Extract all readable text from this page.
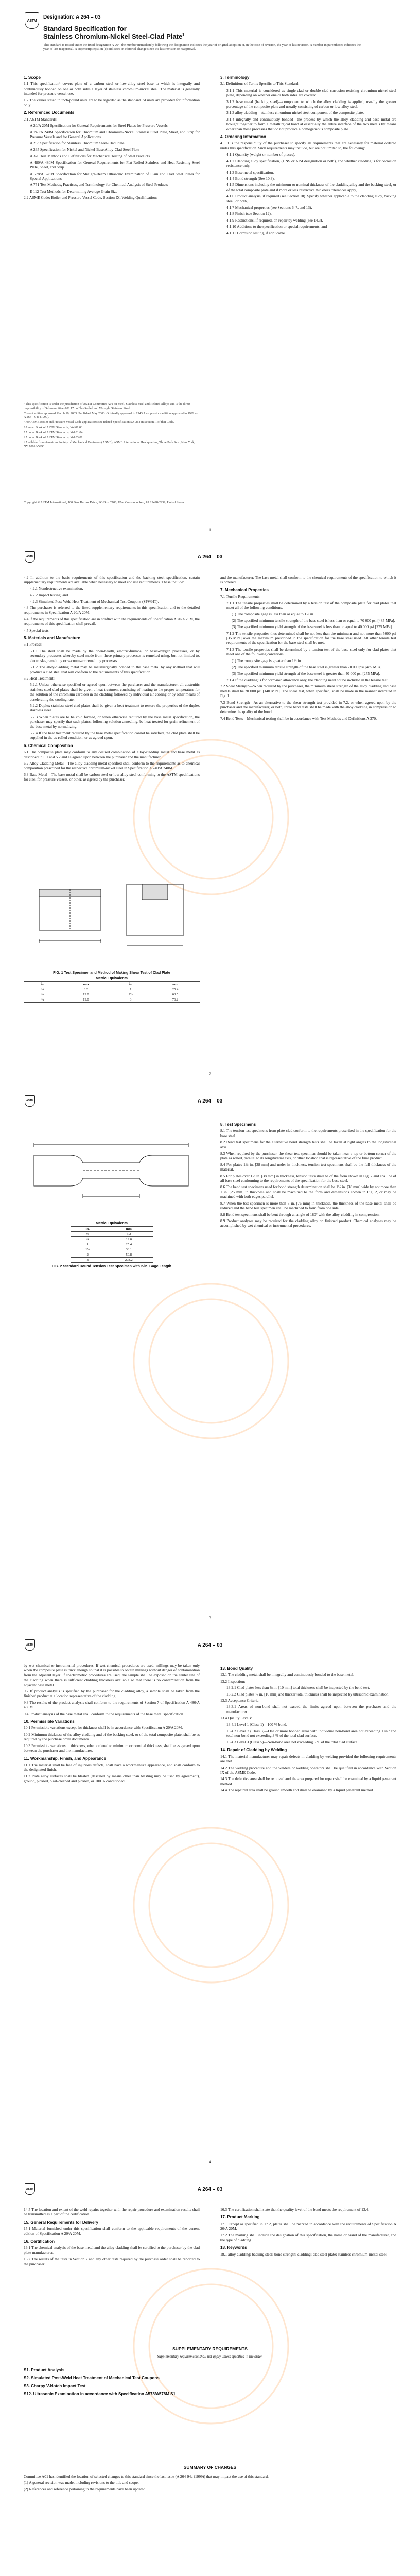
ASTM
Designation: A 264 – 03
Standard Specification for
Stainless Chromium-Nickel Steel-Clad Plate$^1$

This standard is issued under the fixed designation A 264; the number immediately following the designation indicates the year of original adoption or, in the case of revision, the year of last revision. A number in parentheses indicates the year of last reapproval. A superscript epsilon (ε) indicates an editorial change since the last revision or reapproval.

1. Scope

1.1 This specification¹ covers plate of a carbon steel or low-alloy steel base to which is integrally and continuously bonded on one or both sides a layer of stainless chromium-nickel steel. The material is generally intended for pressure vessel use.

1.2 The values stated in inch-pound units are to be regarded as the standard. SI units are provided for information only.

2. Referenced Documents

2.1 ASTM Standards:

A 20/A 20M Specification for General Requirements for Steel Plates for Pressure Vessels

A 240/A 240M Specification for Chromium and Chromium-Nickel Stainless Steel Plate, Sheet, and Strip for Pressure Vessels and for General Applications

A 263 Specification for Stainless Chromium Steel-Clad Plate

A 265 Specification for Nickel and Nickel-Base Alloy-Clad Steel Plate

A 370 Test Methods and Definitions for Mechanical Testing of Steel Products

A 480/A 480M Specification for General Requirements for Flat-Rolled Stainless and Heat-Resisting Steel Plate, Sheet, and Strip

A 578/A 578M Specification for Straight-Beam Ultrasonic Examination of Plain and Clad Steel Plates for Special Applications

A 751 Test Methods, Practices, and Terminology for Chemical Analysis of Steel Products

E 112 Test Methods for Determining Average Grain Size

2.2 ASME Code: Boiler and Pressure Vessel Code, Section IX, Welding Qualifications

3. Terminology

3.1 Definitions of Terms Specific to This Standard:

3.1.1 This material is considered as single-clad or double-clad corrosion-resisting chromium-nickel steel plate, depending on whether one or both sides are covered.

3.1.2 base metal (backing steel)—component to which the alloy cladding is applied, usually the greater percentage of the composite plate and usually consisting of carbon or low-alloy steel.

3.1.3 alloy cladding—stainless chromium-nickel steel component of the composite plate.

3.1.4 integrally and continuously bonded—the process by which the alloy cladding and base metal are brought together to form a metallurgical bond at essentially the entire interface of the two metals by means other than those processes that do not produce a homogeneous composite plate.

4. Ordering Information

4.1 It is the responsibility of the purchaser to specify all requirements that are necessary for material ordered under this specification. Such requirements may include, but are not limited to, the following:

4.1.1 Quantity (weight or number of pieces),

4.1.2 Cladding alloy specification, (UNS or AISI designation or both), and whether cladding is for corrosion resistance only,

4.1.3 Base metal specification,

4.1.4 Bond strength (See 10.3),

4.1.5 Dimensions including the minimum or nominal thickness of the cladding alloy and the backing steel, or of the total composite plate and if more or less restrictive thickness tolerances apply,

4.1.6 Product analysis, if required (see Section 10). Specify whether applicable to the cladding alloy, backing steel, or both,

4.1.7 Mechanical properties (see Sections 6, 7, and 13),

4.1.8 Finish (see Section 12),

4.1.9 Restrictions, if required, on repair by welding (see 14.3),

4.1.10 Additions to the specification or special requirements, and

4.1.11 Corrosion testing, if applicable.

¹ This specification is under the jurisdiction of ASTM Committee A01 on Steel, Stainless Steel and Related Alloys and is the direct responsibility of Subcommittee A01.17 on Flat-Rolled and Wrought Stainless Steel.

Current edition approved March 10, 2003. Published May 2003. Originally approved in 1943. Last previous edition approved in 1999 as A 264 – 94a (1999).

² For ASME Boiler and Pressure Vessel Code applications see related Specification SA-264 in Section II of that Code.

³ Annual Book of ASTM Standards, Vol 01.03.

⁴ Annual Book of ASTM Standards, Vol 01.04.

⁵ Annual Book of ASTM Standards, Vol 03.01.

⁶ Available from American Society of Mechanical Engineers (ASME), ASME International Headquarters, Three Park Ave., New York, NY 10016-5990.

Copyright © ASTM International, 100 Barr Harbor Drive, PO Box C700, West Conshohocken, PA 19428-2959, United States.
1
ASTM	A 264 – 03

4.2 In addition to the basic requirements of this specification and the backing steel specification, certain supplementary requirements are available when necessary to meet end use requirements. These include:

4.2.1 Nondestructive examination,

4.2.2 Impact testing, and

4.2.3 Simulated Post-Weld Heat Treatment of Mechanical Test Coupons (SPWHT).

4.3 The purchaser is referred to the listed supplementary requirements in this specification and to the detailed requirements in Specification A 20/A 20M.

4.4 If the requirements of this specification are in conflict with the requirements of Specification A 20/A 20M, the requirements of this specification shall prevail.

4.5 Special tests:

5. Materials and Manufacture

5.1 Process:

5.1.1 The steel shall be made by the open-hearth, electric-furnace, or basic-oxygen processes, or by secondary processes whereby steel made from these primary processes is remelted using, but not limited to, electroslag remelting or vacuum-arc remelting processes.

5.1.2 The alloy-cladding metal may be metallurgically bonded to the base metal by any method that will produce a clad steel that will conform to the requirements of this specification.

5.2 Heat Treatment:

5.2.1 Unless otherwise specified or agreed upon between the purchaser and the manufacturer, all austenitic stainless steel clad plates shall be given a heat treatment consisting of heating to the proper temperature for the solution of the chromium carbides in the cladding followed by individual air cooling or by other means of accelerating the cooling rate.

5.2.2 Duplex stainless steel clad plates shall be given a heat treatment to restore the properties of the duplex stainless steel.

5.2.3 When plates are to be cold formed, or when otherwise required by the base metal specification, the purchaser may specify that such plates, following solution annealing, be heat treated for grain refinement of the base metal by normalizing.

5.2.4 If the heat treatment required by the base metal specification cannot be satisfied, the clad plate shall be supplied in the as-rolled condition, or as agreed upon.

6. Chemical Composition

6.1 The composite plate may conform to any desired combination of alloy-cladding metal and base metal as described in 5.1 and 5.2 and as agreed upon between the purchaser and the manufacturer.

6.2 Alloy Cladding Metal—The alloy-cladding metal specified shall conform to the requirements as to chemical composition prescribed for the respective chromium-nickel steel in Specification A 240/A 240M.

6.3 Base Metal—The base metal shall be carbon steel or low-alloy steel conforming to the ASTM specifications for steel for pressure vessels, or other, as agreed by the purchaser.

FIG. 1 Test Specimen and Method of Making Shear Test of Clad Plate
Metric Equivalents
in.	mm	in.	mm
⅛	3.2	1	25.4
¾	19.0	2½	63.5
¾	19.0	3	76.2

and the manufacturer. The base metal shall conform to the chemical requirements of the specification to which it is ordered.

7. Mechanical Properties

7.1 Tensile Requirements:

7.1.1 The tensile properties shall be determined by a tension test of the composite plate for clad plates that meet all of the following conditions.

(1) The composite gage is less than or equal to 1½ in.

(2) The specified minimum tensile strength of the base steel is less than or equal to 70 000 psi [485 MPa].

(3) The specified minimum yield strength of the base steel is less than or equal to 40 000 psi [275 MPa].

7.1.2 The tensile properties thus determined shall be not less than the minimum and not more than 5000 psi [35 MPa] over the maximum prescribed in the specification for the base steel used. All other tensile test requirements of the specification for the base steel shall be met.

7.1.3 The tensile properties shall be determined by a tension test of the base steel only for clad plates that meet one of the following conditions.

(1) The composite gage is greater than 1½ in.

(2) The specified minimum tensile strength of the base steel is greater than 70 000 psi [485 MPa].

(3) The specified minimum yield strength of the base steel is greater than 40 000 psi [275 MPa].

7.1.4 If the cladding is for corrosion allowance only, the cladding need not be included in the tensile test.

7.2 Shear Strength—When required by the purchaser, the minimum shear strength of the alloy cladding and base metals shall be 20 000 psi [140 MPa]. The shear test, when specified, shall be made in the manner indicated in Fig. 1.

7.3 Bond Strength—As an alternative to the shear strength test provided in 7.2, or when agreed upon by the purchaser and the manufacturer, or both, three bend tests shall be made with the alloy cladding in compression to determine the quality of the bond.

7.4 Bend Tests—Mechanical testing shall be in accordance with Test Methods and Definitions A 370.

2
ASTM	A 264 – 03
Metric Equivalents
in.	mm
⅛	3.2
¾	19.0
1	25.4
1½	38.1
2	50.8
8	203.2
FIG. 2 Standard Round Tension Test Specimen with 2-in. Gage Length
8. Test Specimens

8.1 The tension test specimens from plate-clad conform to the requirements prescribed in the specification for the base steel.

8.2 Bend test specimens for the alternative bond strength tests shall be taken at right angles to the longitudinal axis.

8.3 When required by the purchaser, the shear test specimen should be taken near a top or bottom corner of the plate as rolled, parallel to its longitudinal axis, or other location that is representative of the final product.

8.4 For plates 1½ in. [38 mm] and under in thickness, tension test specimens shall be the full thickness of the material.

8.5 For plates over 1½ in. [38 mm] in thickness, tension tests shall be of the form shown in Fig. 2 and shall be of all base steel conforming to the requirements of the specification for the base steel.

8.6 The bend test specimens used for bond strength determination shall be 1½ in. [38 mm] wide by not more than 1 in. [25 mm] in thickness and shall be machined to the form and dimensions shown in Fig. 2, or may be machined with both edges parallel.

8.7 When the test specimen is more than 3 in. [76 mm] in thickness, the thickness of the base metal shall be reduced and the bend test specimen shall be machined to form from one side.

8.8 Bend test specimens shall be bent through an angle of 180° with the alloy-cladding in compression.

8.9 Product analyses may be required for the cladding alloy on finished product. Chemical analyses may be accomplished by wet chemical or instrumental procedures.

3
ASTM	A 264 – 03

by wet chemical or instrumental procedures. If wet chemical procedures are used, millings may be taken only when the composite plate is thick enough so that it is possible to obtain millings without danger of contamination from the adjacent layer. If spectrometric procedures are used, the sample shall be exposed on the center line of the cladding when there is sufficient cladding thickness available so that there is no contamination from the adjacent base metal.

9.2 If product analysis is specified by the purchaser for the cladding alloy, a sample shall be taken from the finished product at a location representative of the cladding.

9.3 The results of the product analysis shall conform to the requirements of Section 7 of Specification A 480/A 480M.

9.4 Product analysis of the base metal shall conform to the requirements of the base metal specification.

10. Permissible Variations

10.1 Permissible variations except for thickness shall be in accordance with Specification A 20/A 20M.

10.2 Minimum thickness of the alloy cladding and of the backing steel, or of the total composite plate, shall be as required by the purchase order documents.

10.3 Permissible variations in thickness, when ordered to minimum or nominal thickness, shall be as agreed upon between the purchaser and the manufacturer.

11. Workmanship, Finish, and Appearance

11.1 The material shall be free of injurious defects, shall have a workmanlike appearance, and shall conform to the designated finish.

11.2 Plate alloy surfaces shall be blasted (descaled by means other than blasting may be used by agreement), ground, pickled, blast-cleaned and pickled, or 100 % conditioned.

13. Bond Quality

13.1 The cladding metal shall be integrally and continuously bonded to the base metal.

13.2 Inspection:

13.2.1 Clad plates less than ⅜ in. [10 mm] total thickness shall be inspected by the bend test.

13.2.2 Clad plates ⅜ in. [10 mm] and thicker total thickness shall be inspected by ultrasonic examination.

13.3 Acceptance Criteria:

13.3.1 Areas of non-bond shall not exceed the limits agreed upon between the purchaser and the manufacturer.

13.4 Quality Levels:

13.4.1 Level 1 (Class 1)—100 % bond.

13.4.2 Level 2 (Class 3)—One or more bonded areas with individual non-bond area not exceeding 1 in.² and total non-bond not exceeding 3 % of the total clad surface.

13.4.3 Level 3 (Class 5)—Non-bond area not exceeding 5 % of the total clad surface.

14. Repair of Cladding by Welding

14.1 The material manufacturer may repair defects in cladding by welding provided the following requirements are met.

14.2 The welding procedure and the welders or welding operators shall be qualified in accordance with Section IX of the ASME Code.

14.3 The defective area shall be removed and the area prepared for repair shall be examined by a liquid penetrant method.

14.4 The repaired area shall be ground smooth and shall be examined by a liquid penetrant method.

4
ASTM	A 264 – 03

14.5 The location and extent of the weld repairs together with the repair procedure and examination results shall be transmitted as a part of the certification.

15. General Requirements for Delivery

15.1 Material furnished under this specification shall conform to the applicable requirements of the current edition of Specification A 20/A 20M.

16. Certification

16.1 The chemical analysis of the base metal and the alloy cladding shall be certified to the purchaser by the clad plate manufacturer.

16.2 The results of the tests in Section 7 and any other tests required by the purchase order shall be reported to the purchaser.

16.3 The certification shall state that the quality level of the bond meets the requirement of 13.4.

17. Product Marking

17.1 Except as specified in 17.2, plates shall be marked in accordance with the requirements of Specification A 20/A 20M.

17.2 The marking shall include the designation of this specification, the name or brand of the manufacturer, and the type of cladding.

18. Keywords

18.1 alloy cladding; backing steel; bond strength; cladding; clad steel plate; stainless chromium-nickel steel

SUPPLEMENTARY REQUIREMENTS
Supplementary requirements shall not apply unless specified in the order.

S1. Product Analysis

S2. Simulated Post-Weld Heat Treatment of Mechanical Test Coupons

S3. Charpy V-Notch Impact Test

S12. Ultrasonic Examination in accordance with Specification A578/A578M S1

SUMMARY OF CHANGES

Committee A01 has identified the location of selected changes to this standard since the last issue (A 264-94a (1999)) that may impact the use of this standard.

(1) A general revision was made, including revisions to the title and scope.

(2) References and reference pertaining to the requirements have been updated.
